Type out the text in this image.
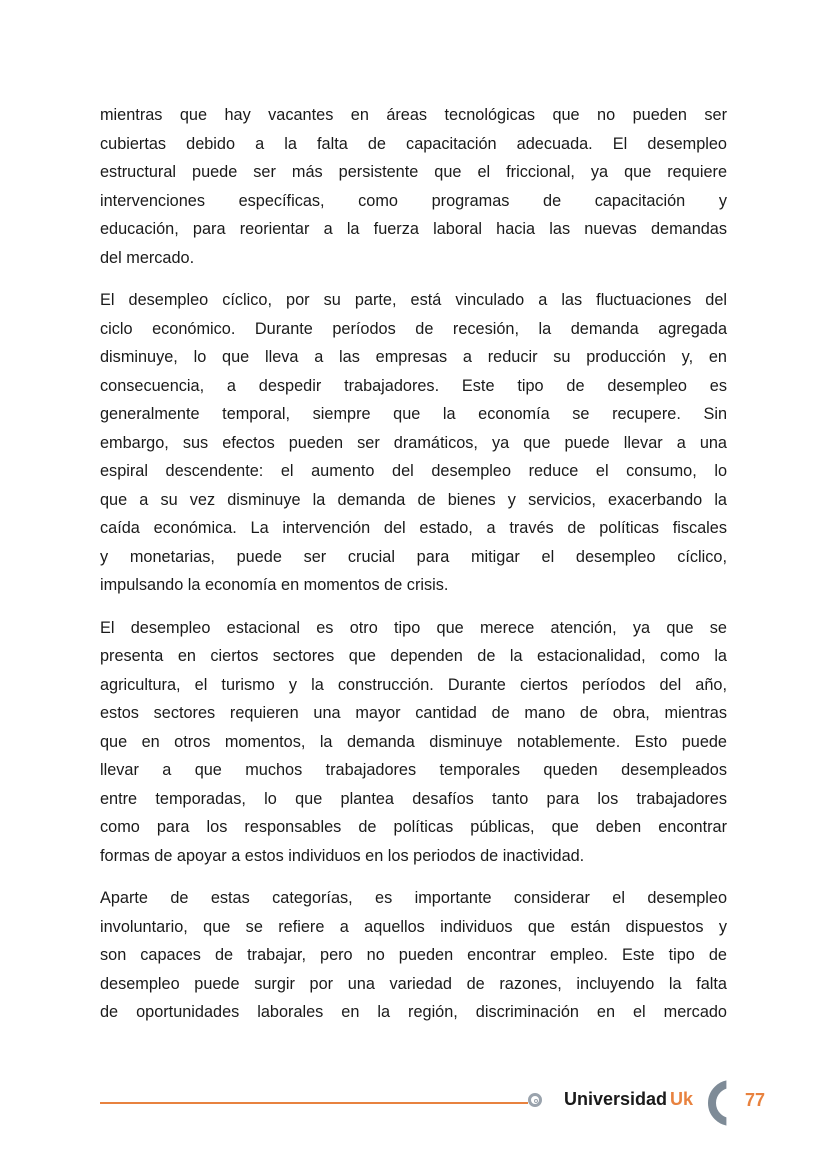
mientras que hay vacantes en áreas tecnológicas que no pueden ser
cubiertas debido a la falta de capacitación adecuada. El desempleo
estructural puede ser más persistente que el friccional, ya que requiere
intervenciones específicas, como programas de capacitación y
educación, para reorientar a la fuerza laboral hacia las nuevas demandas
del mercado.
El desempleo cíclico, por su parte, está vinculado a las fluctuaciones del
ciclo económico. Durante períodos de recesión, la demanda agregada
disminuye, lo que lleva a las empresas a reducir su producción y, en
consecuencia, a despedir trabajadores. Este tipo de desempleo es
generalmente temporal, siempre que la economía se recupere. Sin
embargo, sus efectos pueden ser dramáticos, ya que puede llevar a una
espiral descendente: el aumento del desempleo reduce el consumo, lo
que a su vez disminuye la demanda de bienes y servicios, exacerbando la
caída económica. La intervención del estado, a través de políticas fiscales
y monetarias, puede ser crucial para mitigar el desempleo cíclico,
impulsando la economía en momentos de crisis.
El desempleo estacional es otro tipo que merece atención, ya que se
presenta en ciertos sectores que dependen de la estacionalidad, como la
agricultura, el turismo y la construcción. Durante ciertos períodos del año,
estos sectores requieren una mayor cantidad de mano de obra, mientras
que en otros momentos, la demanda disminuye notablemente. Esto puede
llevar a que muchos trabajadores temporales queden desempleados
entre temporadas, lo que plantea desafíos tanto para los trabajadores
como para los responsables de políticas públicas, que deben encontrar
formas de apoyar a estos individuos en los periodos de inactividad.
Aparte de estas categorías, es importante considerar el desempleo
involuntario, que se refiere a aquellos individuos que están dispuestos y
son capaces de trabajar, pero no pueden encontrar empleo. Este tipo de
desempleo puede surgir por una variedad de razones, incluyendo la falta
de oportunidades laborales en la región, discriminación en el mercado
Universidad Uk	77
